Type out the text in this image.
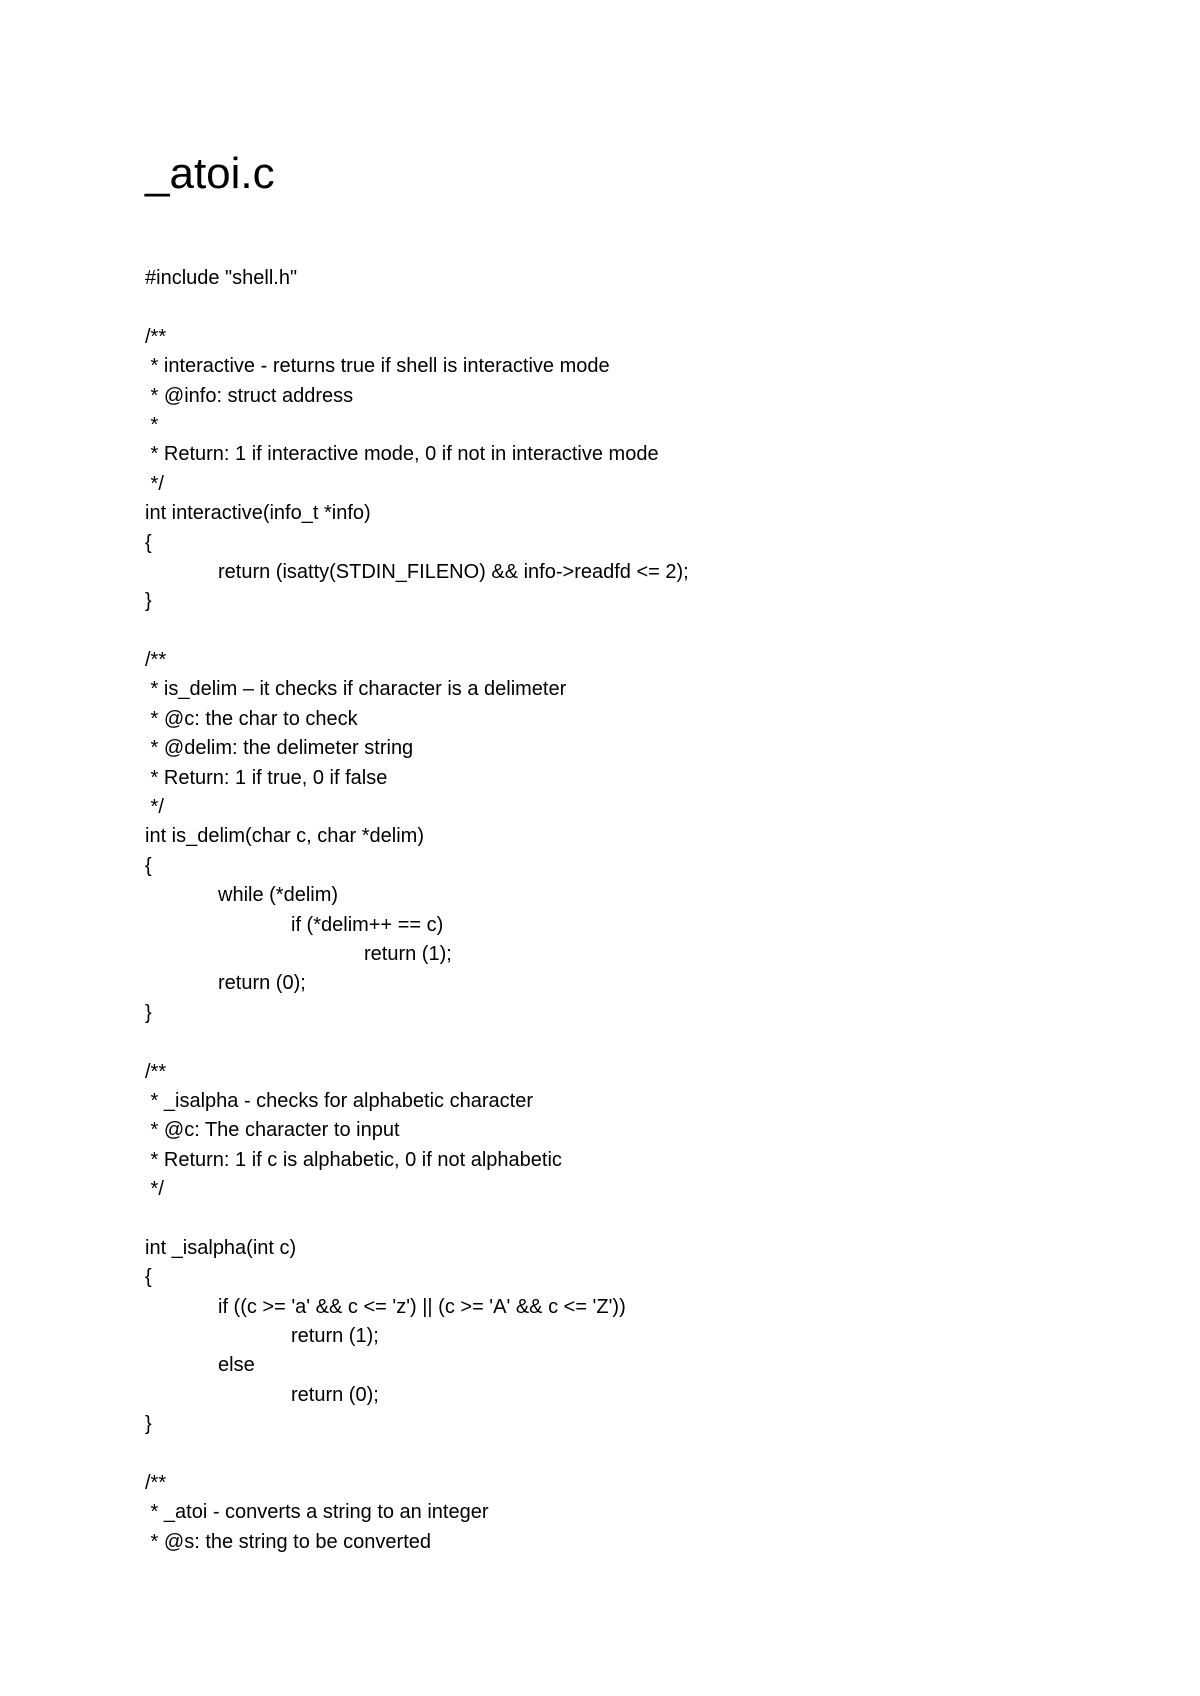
_atoi.c
#include "shell.h"
/**
* interactive - returns true if shell is interactive mode
* @info: struct address
*
* Return: 1 if interactive mode, 0 if not in interactive mode
*/
int interactive(info_t *info)
{
return (isatty(STDIN_FILENO) && info->readfd <= 2);
}
/**
* is_delim – it checks if character is a delimeter
* @c: the char to check
* @delim: the delimeter string
* Return: 1 if true, 0 if false
*/
int is_delim(char c, char *delim)
{
while (*delim)
if (*delim++ == c)
return (1);
return (0);
}
/**
* _isalpha - checks for alphabetic character
* @c: The character to input
* Return: 1 if c is alphabetic, 0 if not alphabetic
*/
int _isalpha(int c)
{
if ((c >= 'a' && c <= 'z') || (c >= 'A' && c <= 'Z'))
return (1);
else
return (0);
}
/**
* _atoi - converts a string to an integer
* @s: the string to be converted
